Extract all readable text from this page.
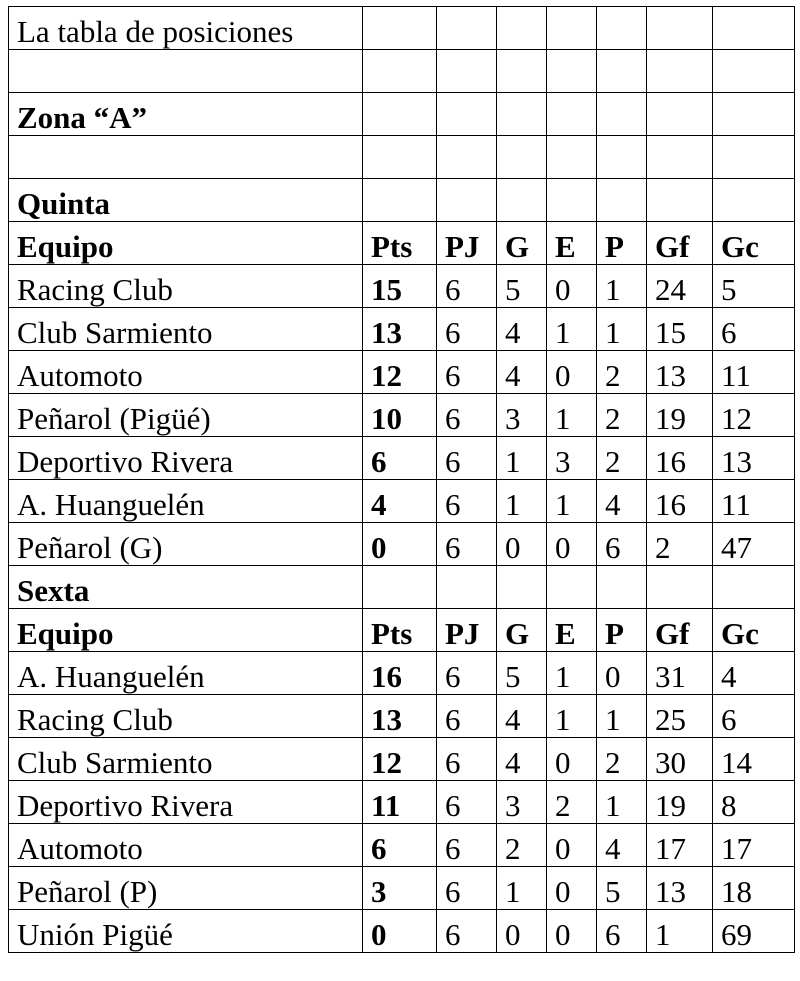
La tabla de posiciones							

Zona “A”							

Quinta							
Equipo	Pts	PJ	G	E	P	Gf	Gc
Racing Club	15	6	5	0	1	24	5
Club Sarmiento	13	6	4	1	1	15	6
Automoto	12	6	4	0	2	13	11
Peñarol (Pigüé)	10	6	3	1	2	19	12
Deportivo Rivera	6	6	1	3	2	16	13
A. Huanguelén	4	6	1	1	4	16	11
Peñarol (G)	0	6	0	0	6	2	47
Sexta							
Equipo	Pts	PJ	G	E	P	Gf	Gc
A. Huanguelén	16	6	5	1	0	31	4
Racing Club	13	6	4	1	1	25	6
Club Sarmiento	12	6	4	0	2	30	14
Deportivo Rivera	11	6	3	2	1	19	8
Automoto	6	6	2	0	4	17	17
Peñarol (P)	3	6	1	0	5	13	18
Unión Pigüé	0	6	0	0	6	1	69
